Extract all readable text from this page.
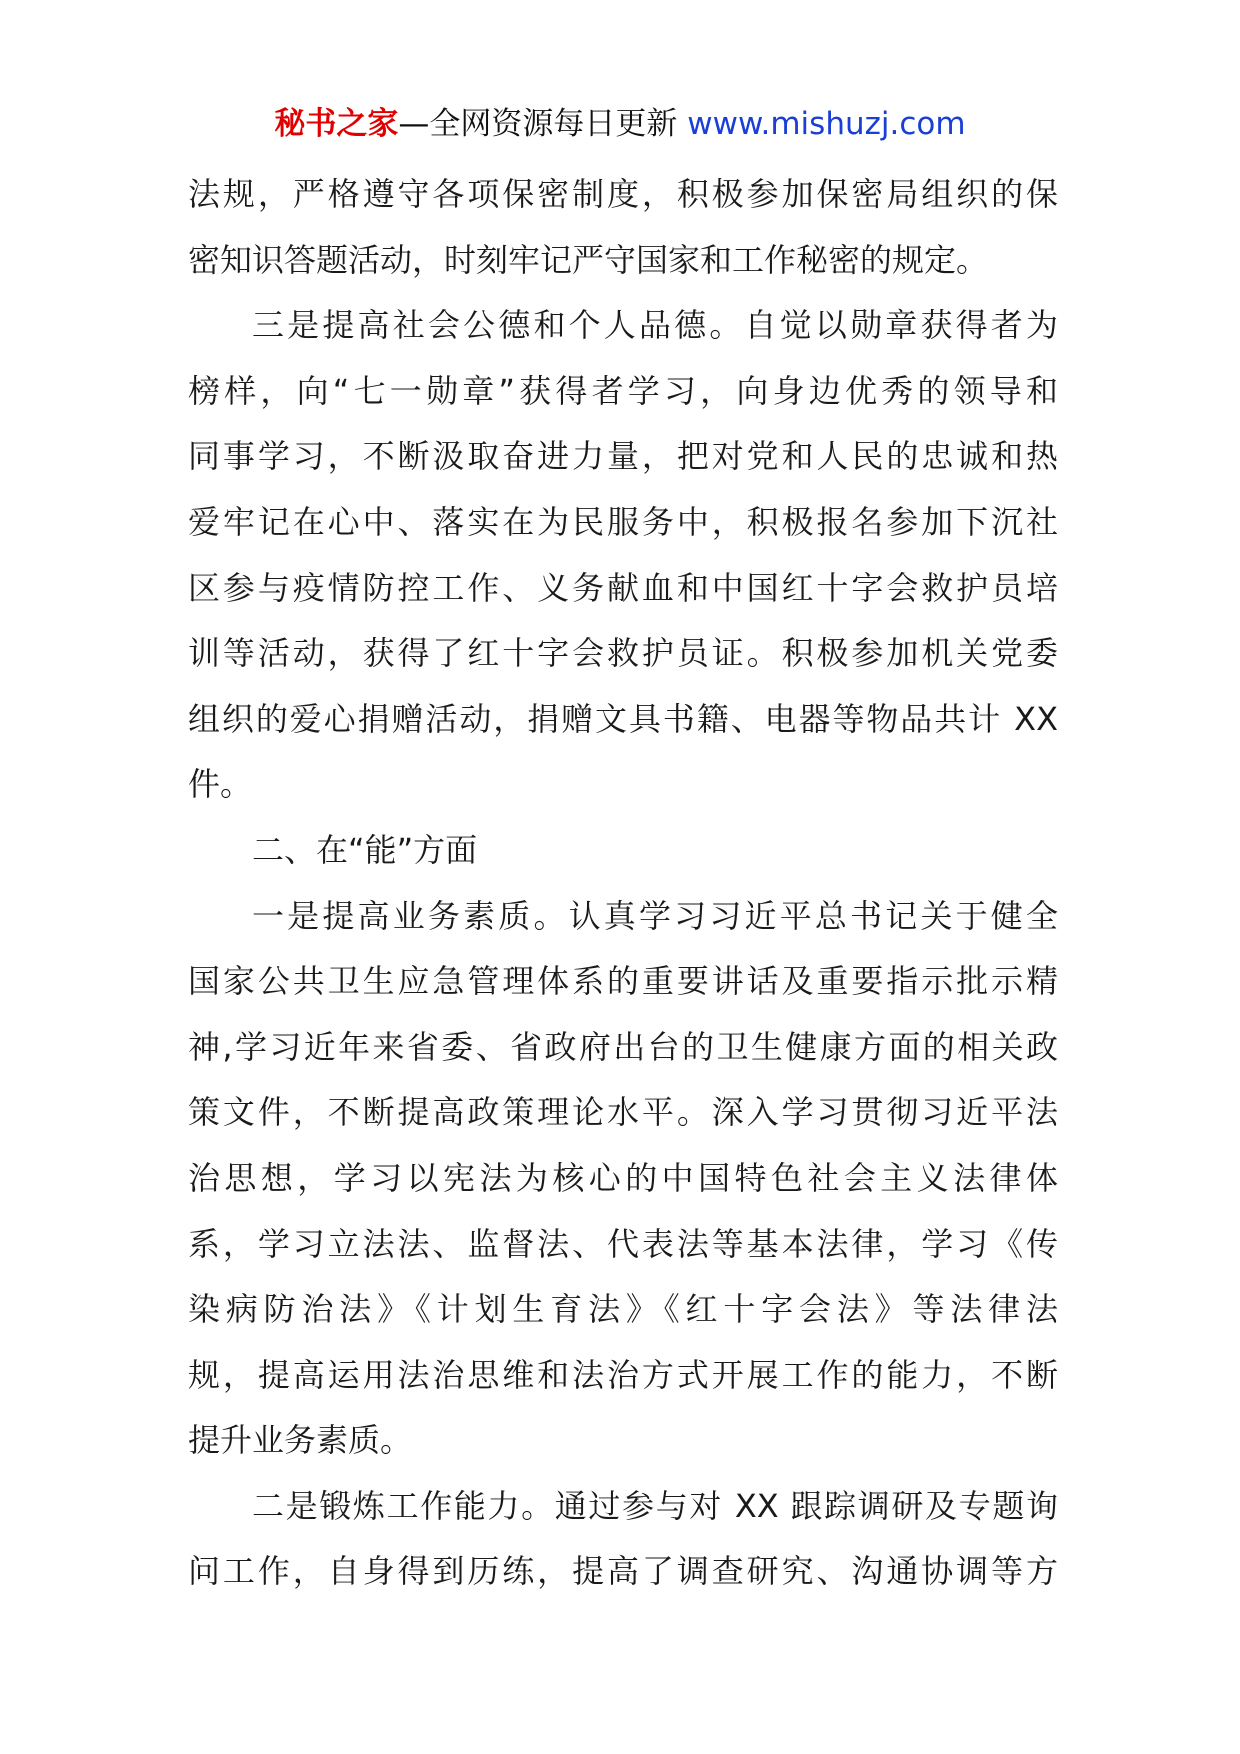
秘书之家—全网资源每日更新 www.mishuzj.com
法规，严格遵守各项保密制度，积极参加保密局组织的保
密知识答题活动，时刻牢记严守国家和工作秘密的规定。
三是提高社会公德和个人品德。自觉以勋章获得者为
榜样，向“七一勋章”获得者学习，向身边优秀的领导和
同事学习，不断汲取奋进力量，把对党和人民的忠诚和热
爱牢记在心中、落实在为民服务中，积极报名参加下沉社
区参与疫情防控工作、义务献血和中国红十字会救护员培
训等活动，获得了红十字会救护员证。积极参加机关党委
组织的爱心捐赠活动，捐赠文具书籍、电器等物品共计 XX
件。
二、在“能”方面
一是提高业务素质。认真学习习近平总书记关于健全
国家公共卫生应急管理体系的重要讲话及重要指示批示精
神,学习近年来省委、省政府出台的卫生健康方面的相关政
策文件，不断提高政策理论水平。深入学习贯彻习近平法
治思想，学习以宪法为核心的中国特色社会主义法律体
系，学习立法法、监督法、代表法等基本法律，学习《传
染病防治法》《计划生育法》《红十字会法》等法律法
规，提高运用法治思维和法治方式开展工作的能力，不断
提升业务素质。
二是锻炼工作能力。通过参与对 XX 跟踪调研及专题询
问工作，自身得到历练，提高了调查研究、沟通协调等方
